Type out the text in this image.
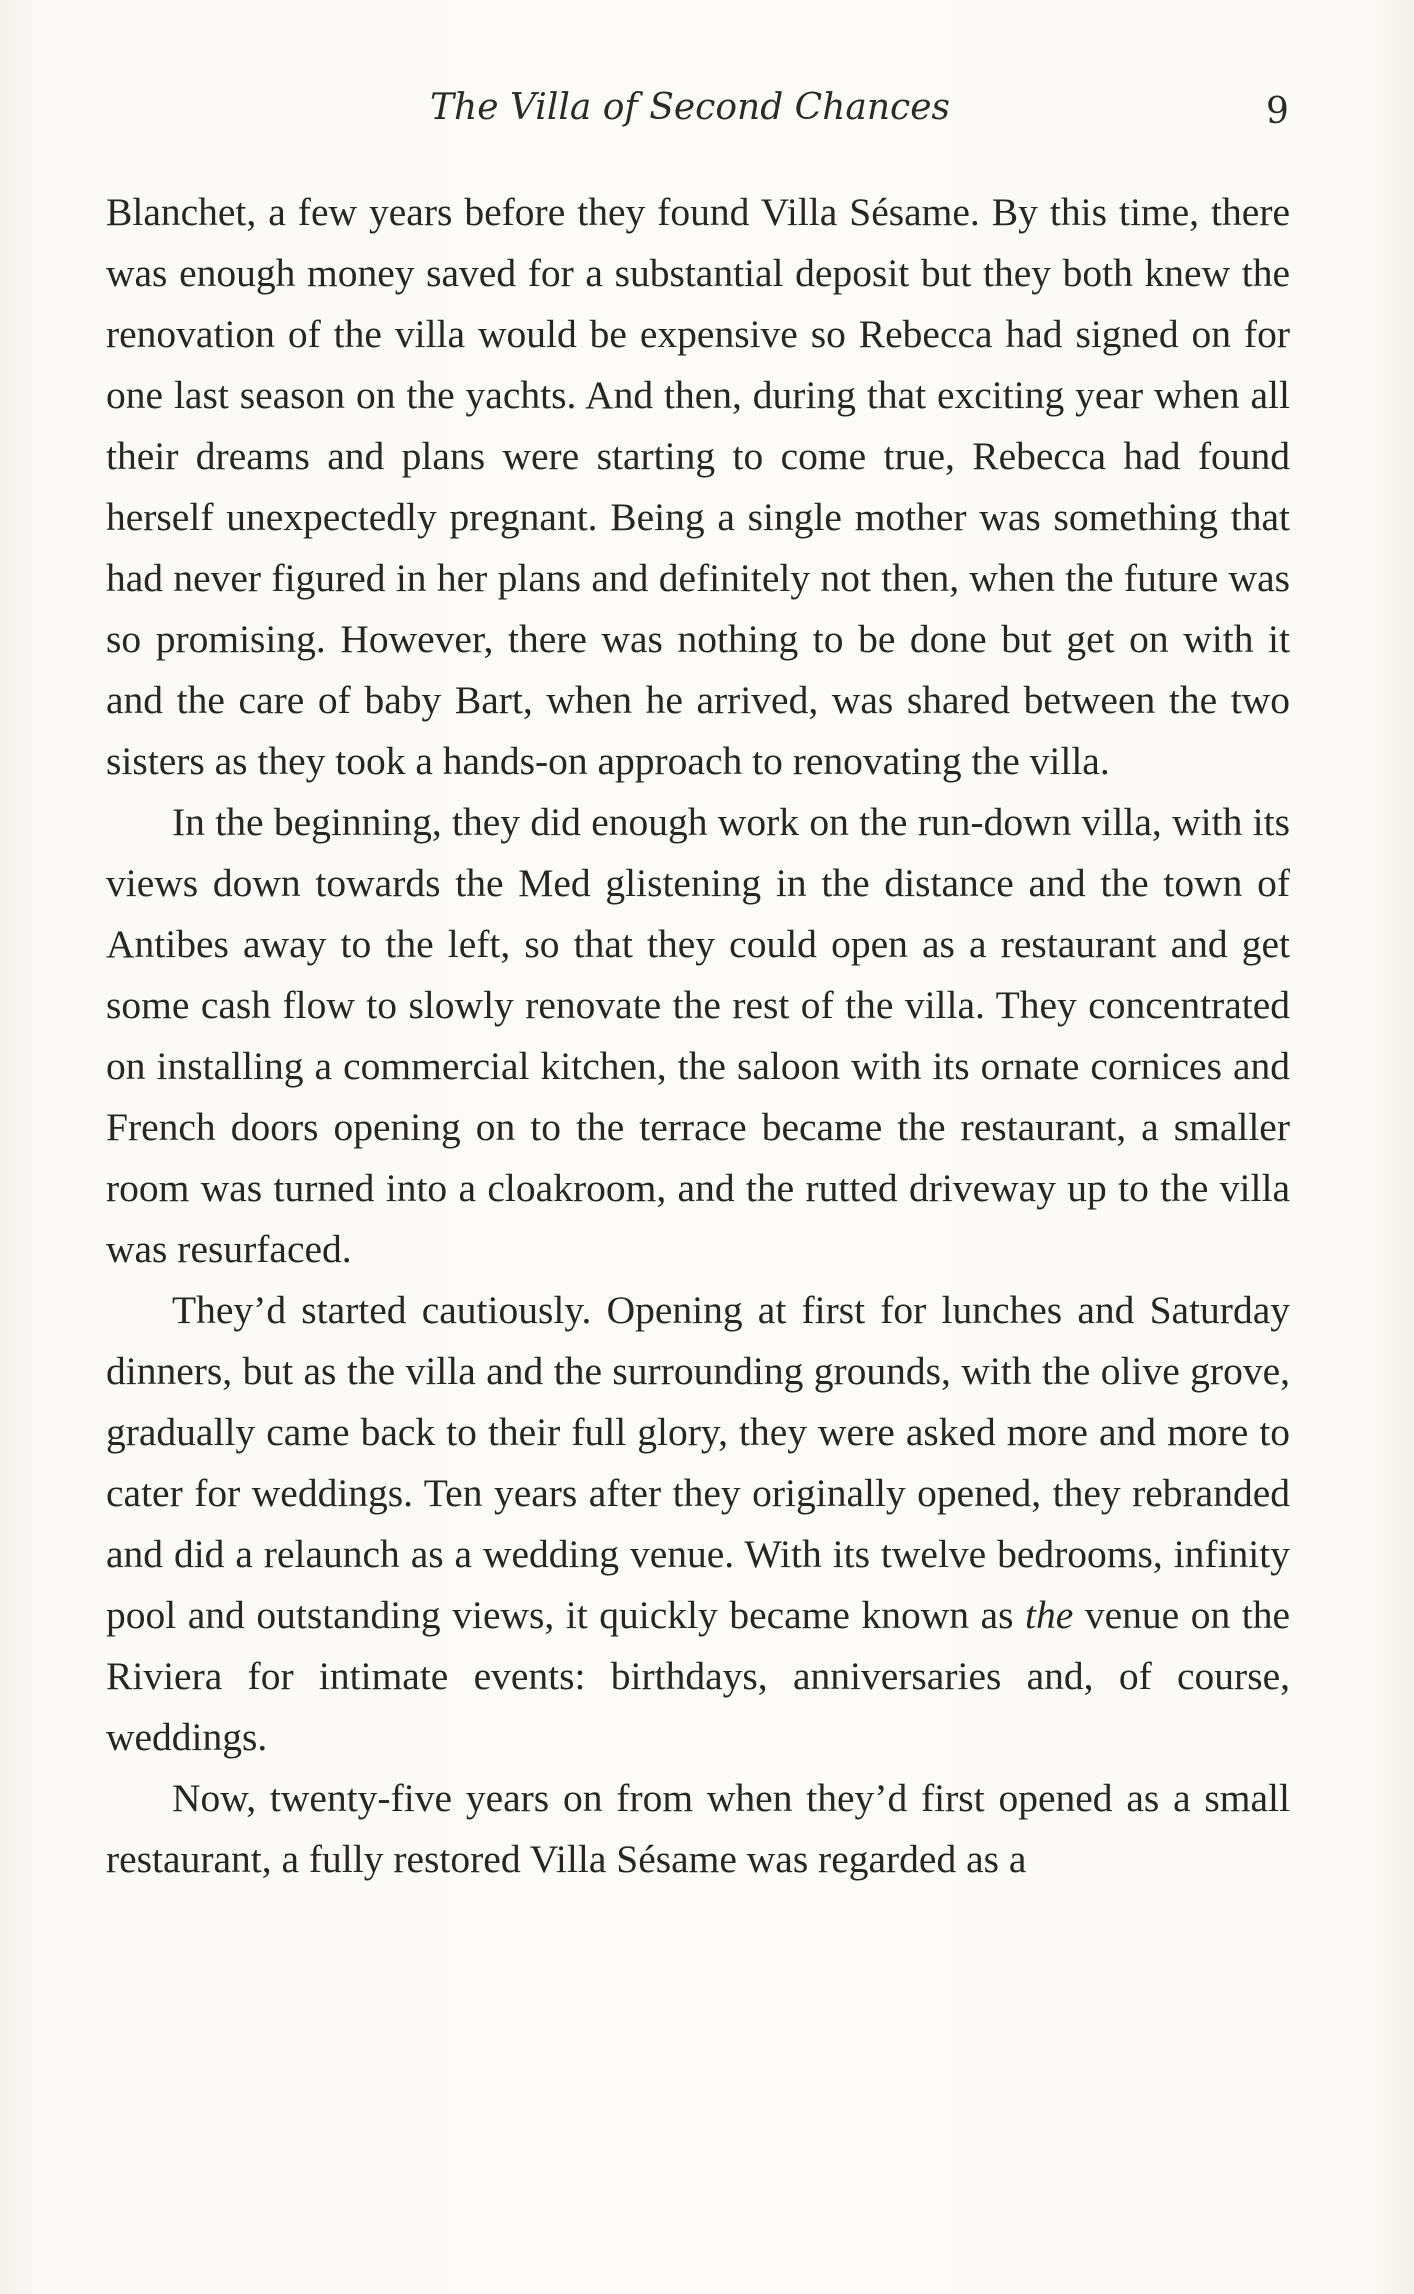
The Villa of Second Chances	9

Blanchet, a few years before they found Villa Sésame. By this time, there was enough money saved for a substantial deposit but they both knew the renovation of the villa would be expensive so Rebecca had signed on for one last season on the yachts. And then, during that exciting year when all their dreams and plans were starting to come true, Rebecca had found herself unexpectedly pregnant. Being a single mother was something that had never figured in her plans and definitely not then, when the future was so promising. However, there was nothing to be done but get on with it and the care of baby Bart, when he arrived, was shared between the two sisters as they took a hands-on approach to renovating the villa.

In the beginning, they did enough work on the run-down villa, with its views down towards the Med glistening in the distance and the town of Antibes away to the left, so that they could open as a restaurant and get some cash flow to slowly renovate the rest of the villa. They concentrated on installing a commercial kitchen, the saloon with its ornate cornices and French doors opening on to the terrace became the restaurant, a smaller room was turned into a cloakroom, and the rutted driveway up to the villa was resurfaced.

They’d started cautiously. Opening at first for lunches and Saturday dinners, but as the villa and the surrounding grounds, with the olive grove, gradually came back to their full glory, they were asked more and more to cater for weddings. Ten years after they originally opened, they rebranded and did a relaunch as a wedding venue. With its twelve bedrooms, infinity pool and outstanding views, it quickly became known as the venue on the Riviera for intimate events: birthdays, anniversaries and, of course, weddings.

Now, twenty-five years on from when they’d first opened as a small restaurant, a fully restored Villa Sésame was regarded as a
